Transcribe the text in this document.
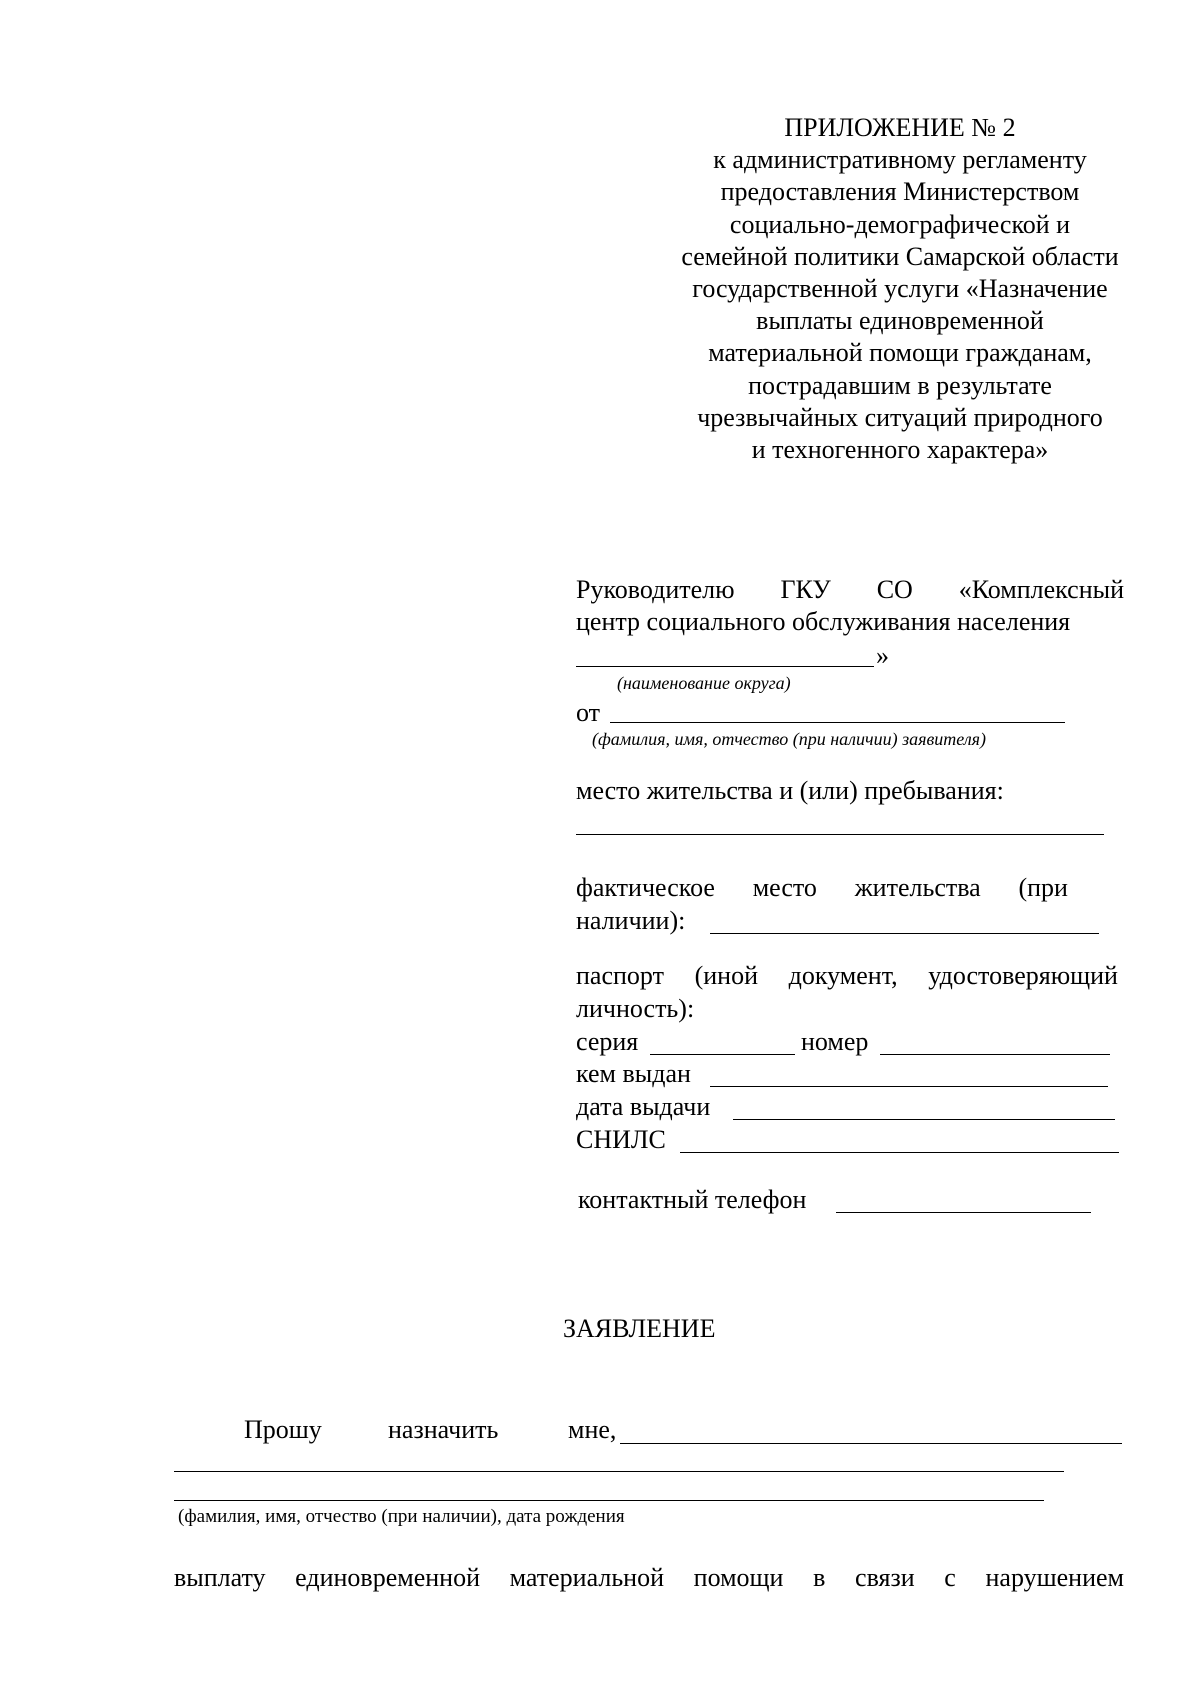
ПРИЛОЖЕНИЕ № 2
к административному регламенту
предоставления Министерством
социально-демографической и
семейной политики Самарской области
государственной услуги «Назначение
выплаты единовременной
материальной помощи гражданам,
пострадавшим в результате
чрезвычайных ситуаций природного
и техногенного характера»
Руководителю ГКУ СО «Комплексный
центр социального обслуживания населения
»
(наименование округа)
от
(фамилия, имя, отчество (при наличии) заявителя)
место жительства и (или) пребывания:
фактическое место жительства (при
наличии):
паспорт (иной документ, удостоверяющий
личность):
серия	номер
кем выдан
дата выдачи
СНИЛС
контактный телефон
ЗАЯВЛЕНИЕ
Прошу	назначить	мне,
(фамилия, имя, отчество (при наличии), дата рождения
выплату единовременной материальной помощи в связи с нарушением
